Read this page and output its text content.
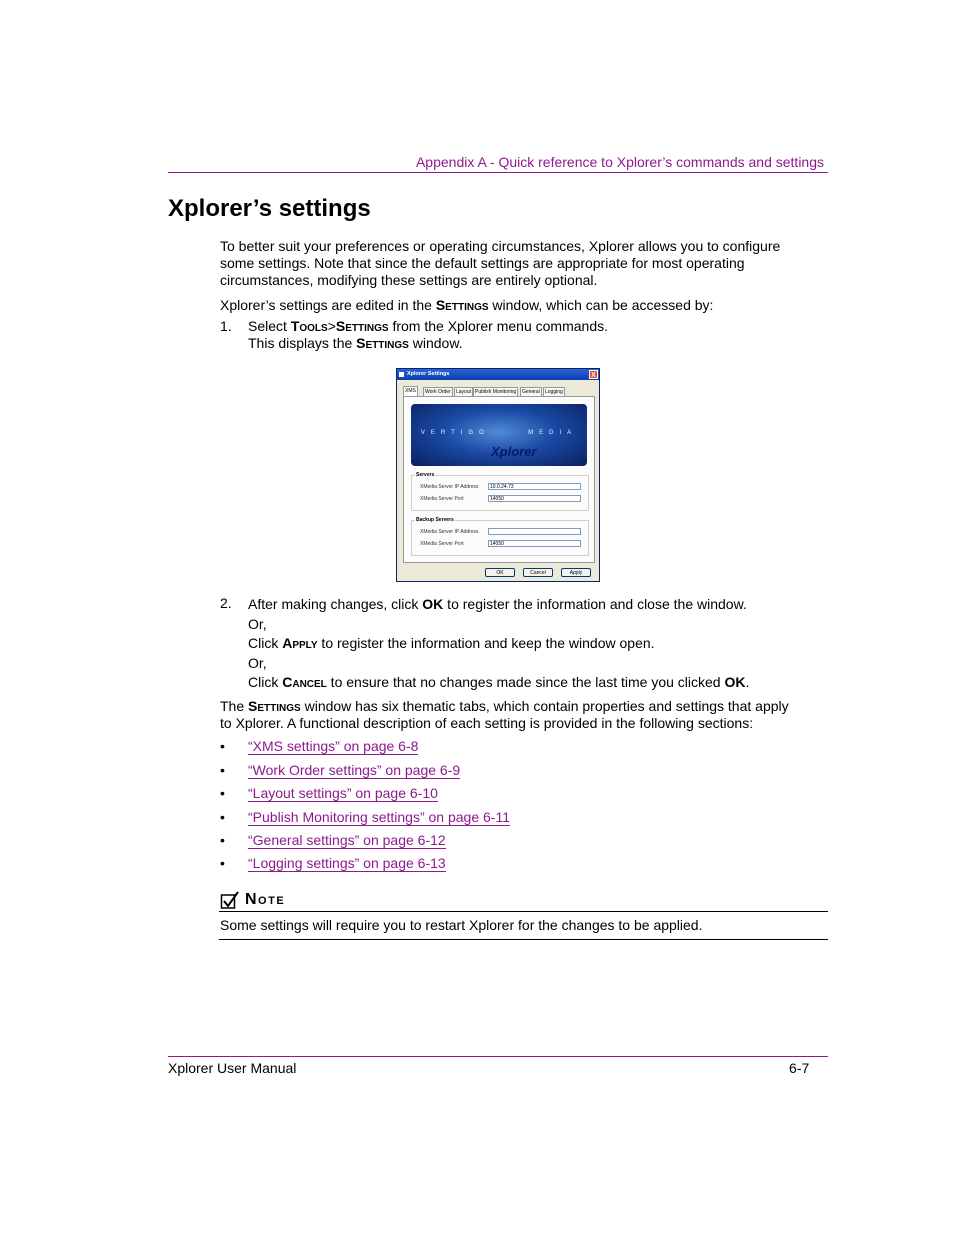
Appendix A - Quick reference to Xplorer’s commands and settings
Xplorer’s settings
To better suit your preferences or operating circumstances, Xplorer allows you to configure
some settings. Note that since the default settings are appropriate for most operating
circumstances, modifying these settings are entirely optional.
Xplorer’s settings are edited in the Settings window, which can be accessed by:
1. Select Tools>Settings from the Xplorer menu commands.
This displays the Settings window.
Xplorer Settings	X
XMS	Work Order	Layout Publish Monitoring	General	Logging
VERTIGO	MEDIA
Xplorer
Servers
XMedia Server IP Address	10.0.24.73
XMedia Server Port	14050
Backup Servers
XMedia Server IP Address
XMedia Server Port	14050
OK	Cancel	Apply
2. After making changes, click OK to register the information and close the window.
Or,
Click Apply to register the information and keep the window open.
Or,
Click Cancel to ensure that no changes made since the last time you clicked OK.
The Settings window has six thematic tabs, which contain properties and settings that apply
to Xplorer. A functional description of each setting is provided in the following sections:
• “XMS settings” on page 6-8
• “Work Order settings” on page 6-9
• “Layout settings” on page 6-10
• “Publish Monitoring settings” on page 6-11
• “General settings” on page 6-12
• “Logging settings” on page 6-13
Note
Some settings will require you to restart Xplorer for the changes to be applied.
Xplorer User Manual	6-7
